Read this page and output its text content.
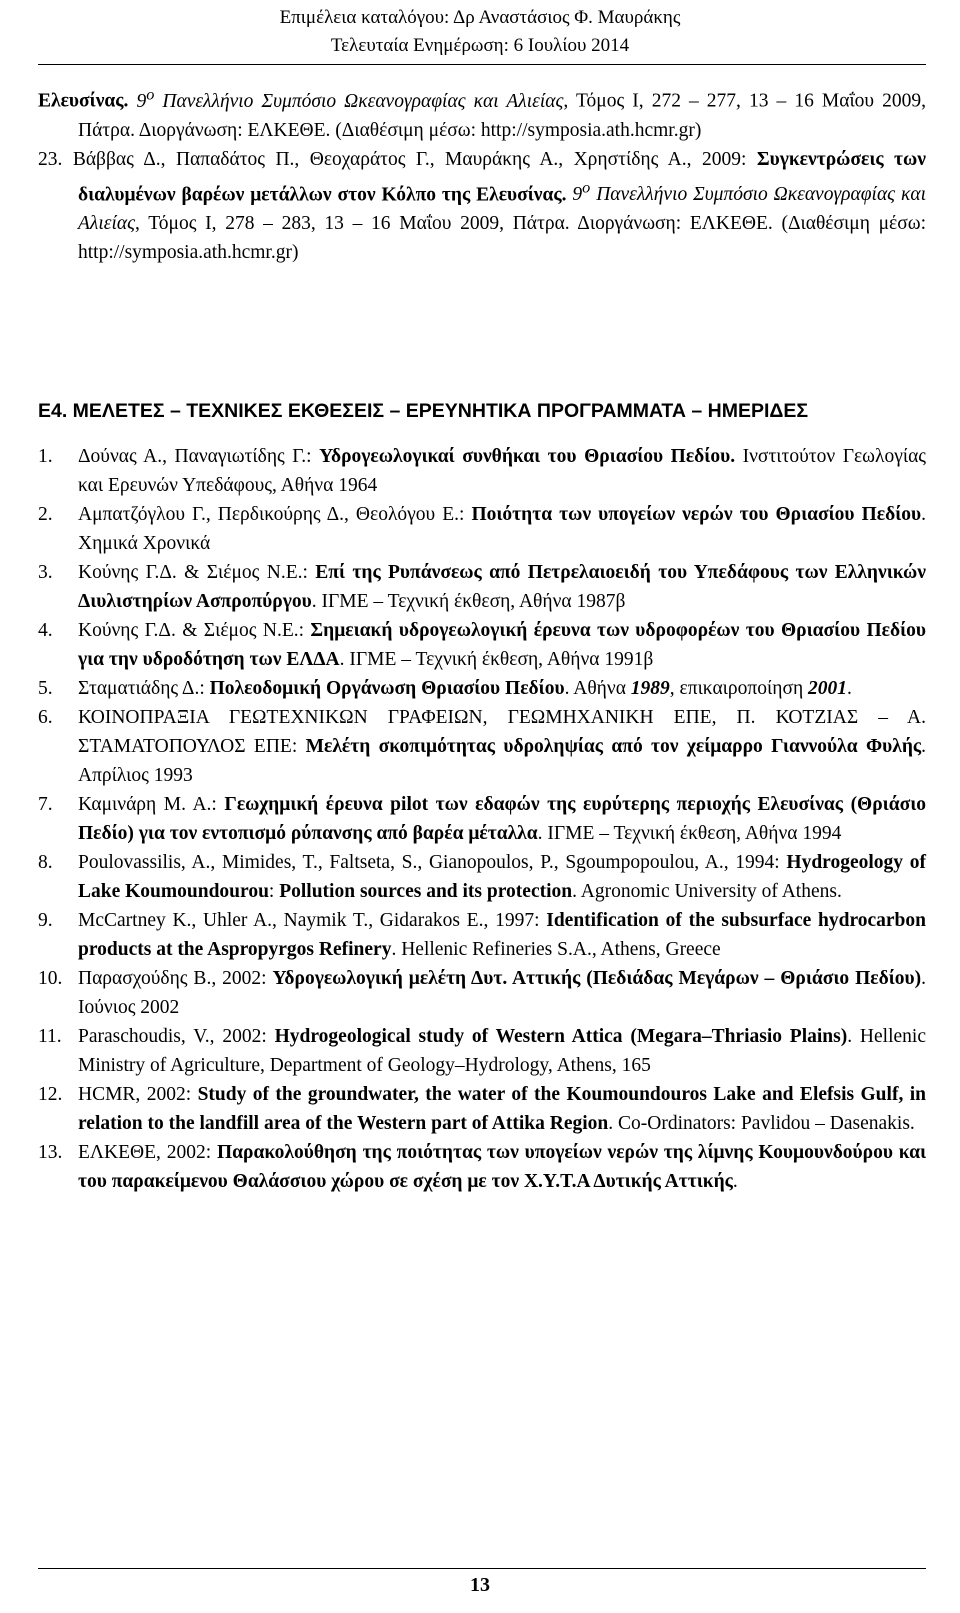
Επιμέλεια καταλόγου: Δρ Αναστάσιος Φ. Μαυράκης
Τελευταία Ενημέρωση: 6 Ιουλίου 2014

Ελευσίνας. $9^o$ Πανελλήνιο Συμπόσιο Ωκεανογραφίας και Αλιείας, Τόμος Ι, 272 – 277, 13 – 16 Μαΐου 2009, Πάτρα. Διοργάνωση: ΕΛΚΕΘΕ. (Διαθέσιμη μέσω: http://symposia.ath.hcmr.gr)

23. Βάββας Δ., Παπαδάτος Π., Θεοχαράτος Γ., Μαυράκης Α., Χρηστίδης Α., 2009: Συγκεντρώσεις των διαλυμένων βαρέων μετάλλων στον Κόλπο της Ελευσίνας. $9^o$ Πανελλήνιο Συμπόσιο Ωκεανογραφίας και Αλιείας, Τόμος Ι, 278 – 283, 13 – 16 Μαΐου 2009, Πάτρα. Διοργάνωση: ΕΛΚΕΘΕ. (Διαθέσιμη μέσω: http://symposia.ath.hcmr.gr)

Ε4. ΜΕΛΕΤΕΣ – ΤΕΧΝΙΚΕΣ ΕΚΘΕΣΕΙΣ – ΕΡΕΥΝΗΤΙΚΑ ΠΡΟΓΡΑΜΜΑΤΑ – ΗΜΕΡΙΔΕΣ

1. Δούνας Α., Παναγιωτίδης Γ.: Υδρογεωλογικαί συνθήκαι του Θριασίου Πεδίου. Ινστιτούτον Γεωλογίας και Ερευνών Υπεδάφους, Αθήνα 1964
2. Αμπατζόγλου Γ., Περδικούρης Δ., Θεολόγου Ε.: Ποιότητα των υπογείων νερών του Θριασίου Πεδίου. Χημικά Χρονικά
3. Κούνης Γ.Δ. & Σιέμος Ν.Ε.: Επί της Ρυπάνσεως από Πετρελαιοειδή του Υπεδάφους των Ελληνικών Διυλιστηρίων Ασπροπύργου. ΙΓΜΕ – Τεχνική έκθεση, Αθήνα 1987β
4. Κούνης Γ.Δ. & Σιέμος Ν.Ε.: Σημειακή υδρογεωλογική έρευνα των υδροφορέων του Θριασίου Πεδίου για την υδροδότηση των ΕΛΔΑ. ΙΓΜΕ – Τεχνική έκθεση, Αθήνα 1991β
5. Σταματιάδης Δ.: Πολεοδομική Οργάνωση Θριασίου Πεδίου. Αθήνα 1989, επικαιροποίηση 2001.
6. ΚΟΙΝΟΠΡΑΞΙΑ ΓΕΩΤΕΧΝΙΚΩΝ ΓΡΑΦΕΙΩΝ, ΓΕΩΜΗΧΑΝΙΚΗ ΕΠΕ, Π. ΚΟΤΖΙΑΣ – Α. ΣΤΑΜΑΤΟΠΟΥΛΟΣ ΕΠΕ: Μελέτη σκοπιμότητας υδροληψίας από τον χείμαρρο Γιαννούλα Φυλής. Απρίλιος 1993
7. Καμινάρη Μ. Α.: Γεωχημική έρευνα pilot των εδαφών της ευρύτερης περιοχής Ελευσίνας (Θριάσιο Πεδίο) για τον εντοπισμό ρύπανσης από βαρέα μέταλλα. ΙΓΜΕ – Τεχνική έκθεση, Αθήνα 1994
8. Poulovassilis, A., Mimides, T., Faltseta, S., Gianopoulos, P., Sgoumpopoulou, A., 1994: Hydrogeology of Lake Koumoundourou: Pollution sources and its protection. Agronomic University of Athens.
9. McCartney K., Uhler A., Naymik T., Gidarakos E., 1997: Identification of the subsurface hydrocarbon products at the Aspropyrgos Refinery. Hellenic Refineries S.A., Athens, Greece
10. Παρασχούδης Β., 2002: Υδρογεωλογική μελέτη Δυτ. Αττικής (Πεδιάδας Μεγάρων – Θριάσιο Πεδίου). Ιούνιος 2002
11. Paraschoudis, V., 2002: Hydrogeological study of Western Attica (Megara–Thriasio Plains). Hellenic Ministry of Agriculture, Department of Geology–Hydrology, Athens, 165
12. HCMR, 2002: Study of the groundwater, the water of the Koumoundouros Lake and Elefsis Gulf, in relation to the landfill area of the Western part of Attika Region. Co-Ordinators: Pavlidou – Dasenakis.
13. ΕΛΚΕΘΕ, 2002: Παρακολούθηση της ποιότητας των υπογείων νερών της λίμνης Κουμουνδούρου και του παρακείμενου Θαλάσσιου χώρου σε σχέση με τον Χ.Υ.Τ.Α Δυτικής Αττικής.
13
